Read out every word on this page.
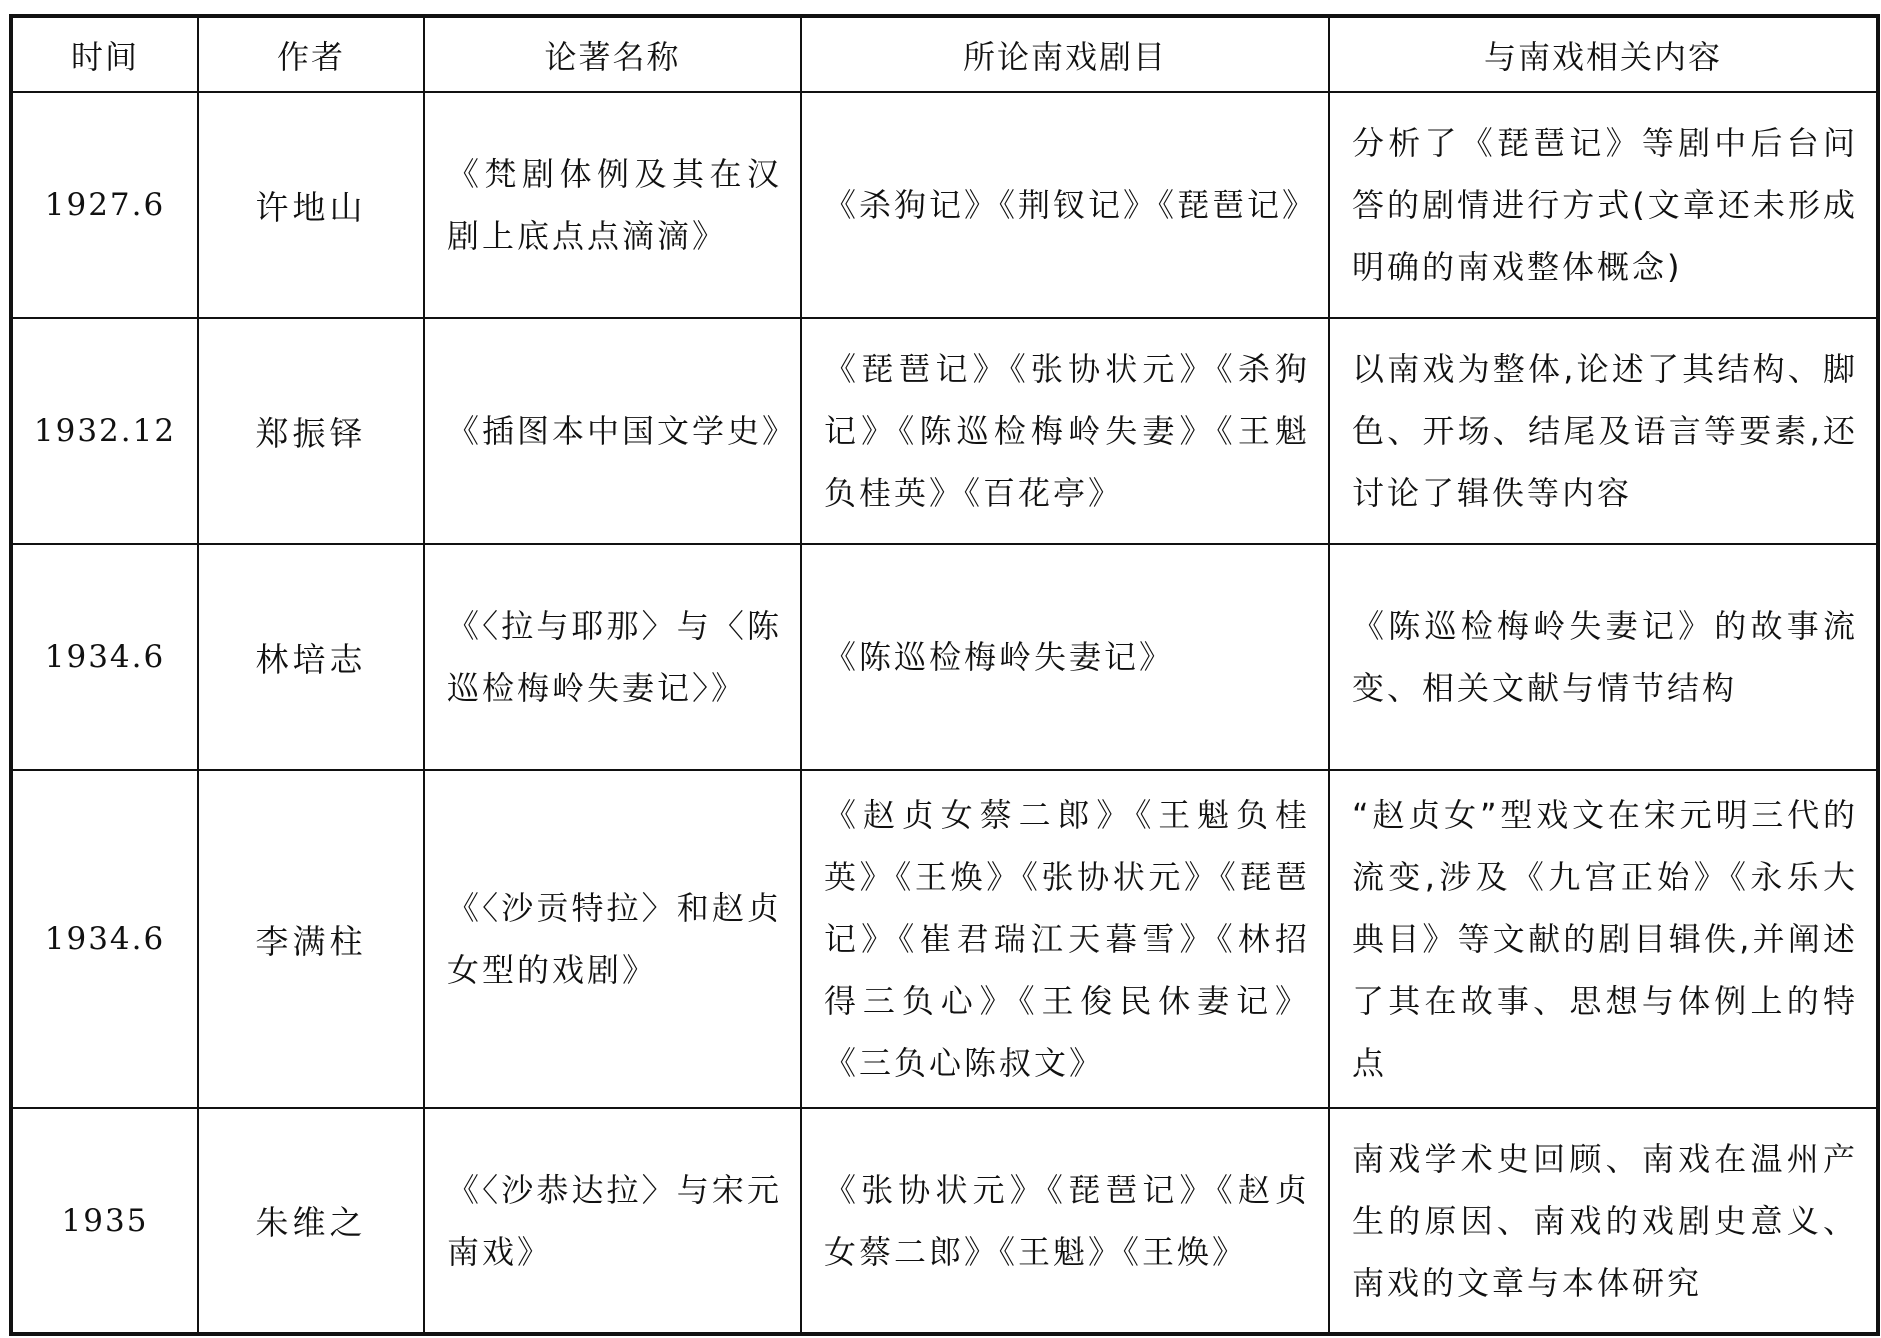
时间	作者	论著名称	所论南戏剧目	与南戏相关内容
1927.6	许地山	《梵剧体例及其在汉剧上底点点滴滴》	《杀狗记》《荆钗记》《琵琶记》	分析了《琵琶记》等剧中后台问答的剧情进行方式(文章还未形成明确的南戏整体概念)
1932.12	郑振铎	《插图本中国文学史》	《琵琶记》《张协状元》《杀狗记》《陈巡检梅岭失妻》《王魁负桂英》《百花亭》	以南戏为整体,论述了其结构、脚色、开场、结尾及语言等要素,还讨论了辑佚等内容
1934.6	林培志	《〈拉与耶那〉与〈陈巡检梅岭失妻记〉》	《陈巡检梅岭失妻记》	《陈巡检梅岭失妻记》的故事流变、相关文献与情节结构
1934.6	李满柱	《〈沙贡特拉〉和赵贞女型的戏剧》	《赵贞女蔡二郎》《王魁负桂英》《王焕》《张协状元》《琵琶记》《崔君瑞江天暮雪》《林招得三负心》《王俊民休妻记》《三负心陈叔文》	“赵贞女”型戏文在宋元明三代的流变,涉及《九宫正始》《永乐大典目》等文献的剧目辑佚,并阐述了其在故事、思想与体例上的特点
1935	朱维之	《〈沙恭达拉〉与宋元南戏》	《张协状元》《琵琶记》《赵贞女蔡二郎》《王魁》《王焕》	南戏学术史回顾、南戏在温州产生的原因、南戏的戏剧史意义、南戏的文章与本体研究
